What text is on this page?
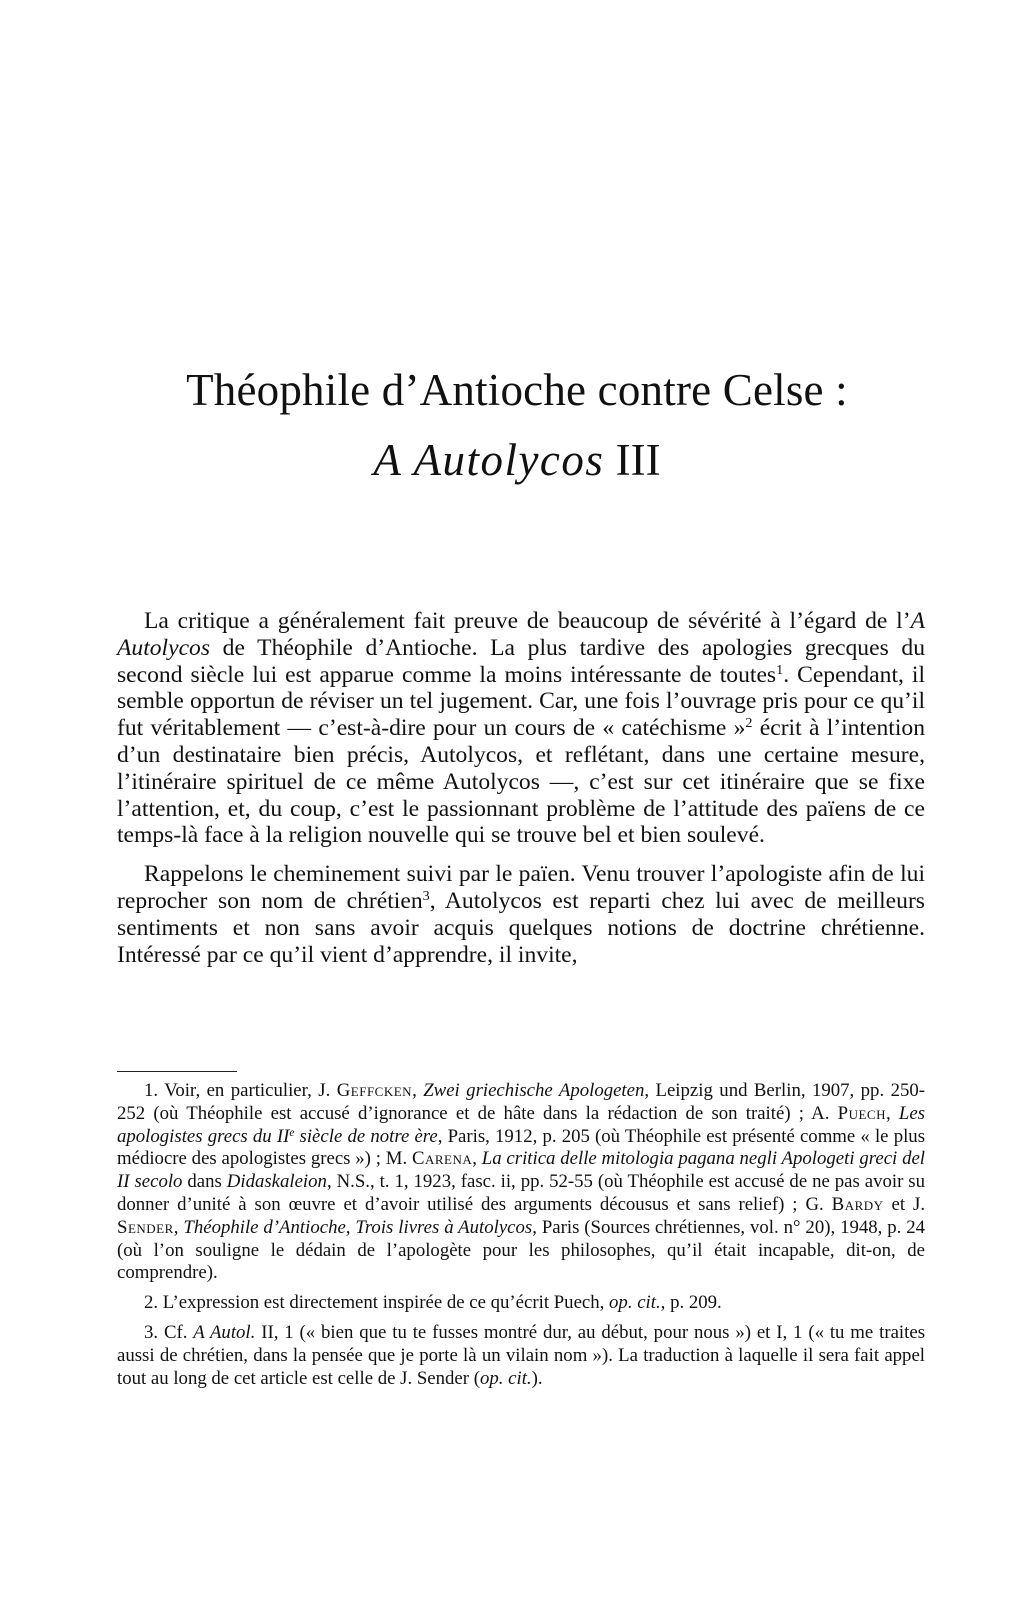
Théophile d’Antioche contre Celse :
A Autolycos III

La critique a généralement fait preuve de beaucoup de sévérité à l’égard de l’A Autolycos de Théophile d’Antioche. La plus tardive des apologies grecques du second siècle lui est apparue comme la moins intéressante de toutes$^1$. Cependant, il semble opportun de réviser un tel jugement. Car, une fois l’ouvrage pris pour ce qu’il fut véritablement — c’est-à-dire pour un cours de « catéchisme »$^2$ écrit à l’intention d’un destinataire bien précis, Autolycos, et reflétant, dans une certaine mesure, l’itinéraire spirituel de ce même Autolycos —, c’est sur cet itinéraire que se fixe l’attention, et, du coup, c’est le passionnant problème de l’attitude des païens de ce temps-là face à la religion nouvelle qui se trouve bel et bien soulevé.

Rappelons le cheminement suivi par le païen. Venu trouver l’apologiste afin de lui reprocher son nom de chrétien$^3$, Autolycos est reparti chez lui avec de meilleurs sentiments et non sans avoir acquis quelques notions de doctrine chrétienne. Intéressé par ce qu’il vient d’apprendre, il invite,

1. Voir, en particulier, J. Geffcken, Zwei griechische Apologeten, Leipzig und Berlin, 1907, pp. 250-252 (où Théophile est accusé d’ignorance et de hâte dans la rédaction de son traité) ; A. Puech, Les apologistes grecs du IIe siècle de notre ère, Paris, 1912, p. 205 (où Théophile est présenté comme « le plus médiocre des apologistes grecs ») ; M. Carena, La critica delle mitologia pagana negli Apologeti greci del II secolo dans Didaskaleion, N.S., t. 1, 1923, fasc. ii, pp. 52-55 (où Théophile est accusé de ne pas avoir su donner d’unité à son œuvre et d’avoir utilisé des arguments décousus et sans relief) ; G. Bardy et J. Sender, Théophile d’Antioche, Trois livres à Autolycos, Paris (Sources chrétiennes, vol. n° 20), 1948, p. 24 (où l’on souligne le dédain de l’apologète pour les philosophes, qu’il était incapable, dit-on, de comprendre).

2. L’expression est directement inspirée de ce qu’écrit Puech, op. cit., p. 209.

3. Cf. A Autol. II, 1 (« bien que tu te fusses montré dur, au début, pour nous ») et I, 1 (« tu me traites aussi de chrétien, dans la pensée que je porte là un vilain nom »). La traduction à laquelle il sera fait appel tout au long de cet article est celle de J. Sender (op. cit.).
